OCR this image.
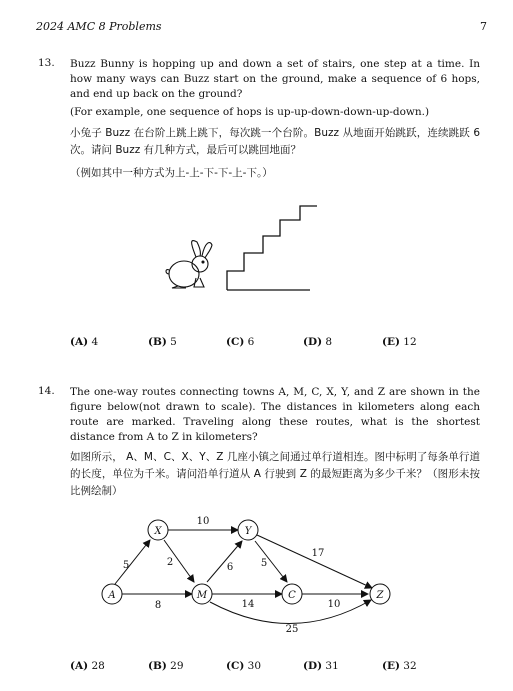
2024 AMC 8 Problems	7
13. Buzz Bunny is hopping up and down a set of stairs, one step at a time. In how many ways can Buzz start on the ground, make a sequence of 6 hops, and end up back on the ground?
(For example, one sequence of hops is up-up-down-down-up-down.)
小兔子 Buzz 在台阶上跳上跳下，每次跳一个台阶。Buzz 从地面开始跳跃，连续跳跃 6 次。请问 Buzz 有几种方式，最后可以跳回地面？
（例如其中一种方式为上-上-下-下-上-下。）
(A) 4	(B) 5	(C) 6	(D) 8	(E) 12
14. The one-way routes connecting towns A, M, C, X, Y, and Z are shown in the figure below(not drawn to scale). The distances in kilometers along each route are marked. Traveling along these routes, what is the shortest distance from A to Z in kilometers?
如图所示， A、M、C、X、Y、Z 几座小镇之间通过单行道相连。图中标明了每条单行道的长度，单位为千米。请问沿单行道从 A 行驶到 Z 的最短距离为多少千米？（图形未按比例绘制）
A
X	Y
M	C	Z
5
10
2	6	5
17
8	14	10
25
(A) 28	(B) 29	(C) 30	(D) 31	(E) 32
